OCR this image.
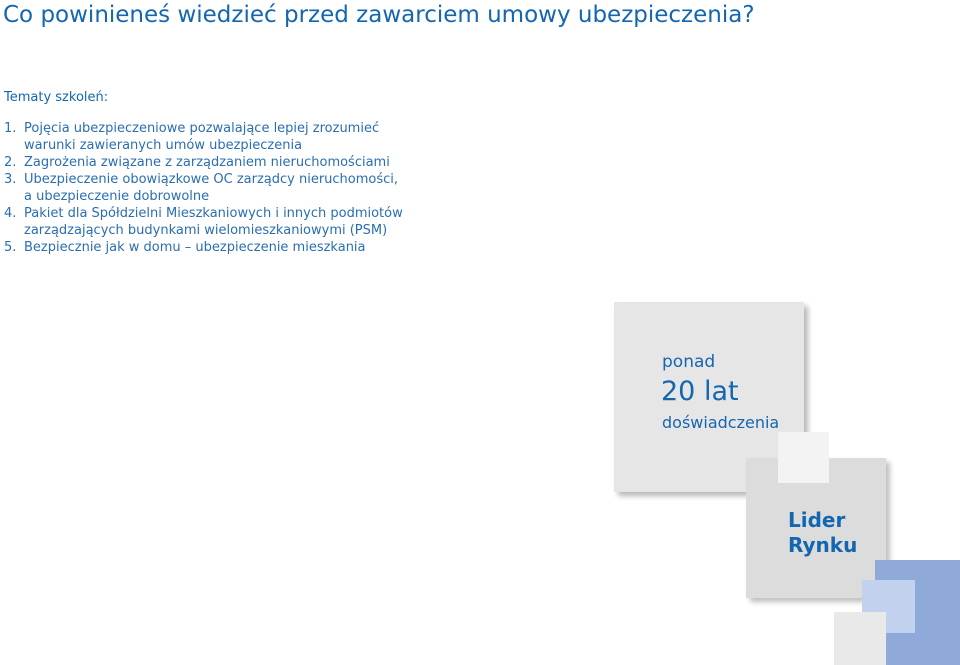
Co powinieneś wiedzieć przed zawarciem umowy ubezpieczenia?

Tematy szkoleń:

1. Pojęcia ubezpieczeniowe pozwalające lepiej zrozumieć
warunki zawieranych umów ubezpieczenia
2. Zagrożenia związane z zarządzaniem nieruchomościami
3. Ubezpieczenie obowiązkowe OC zarządcy nieruchomości,
a ubezpieczenie dobrowolne
4. Pakiet dla Spółdzielni Mieszkaniowych i innych podmiotów
zarządzających budynkami wielomieszkaniowymi (PSM)
5. Bezpiecznie jak w domu – ubezpieczenie mieszkania
ponad
20 lat
doświadczenia
Lider
Rynku
